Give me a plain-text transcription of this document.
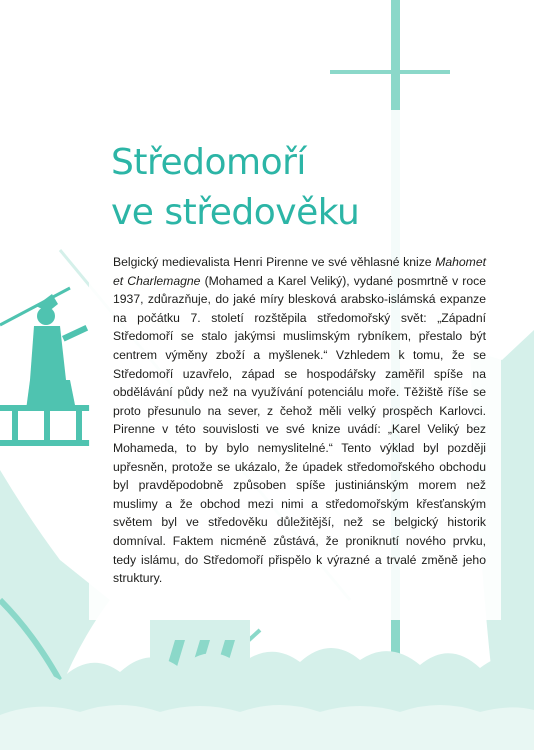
Středomoří
ve středověku

Belgický medievalista Henri Pirenne ve své věhlasné knize Mahomet et Charlemagne (Mohamed a Karel Veliký), vydané posmrtně v roce 1937, zdůrazňuje, do jaké míry blesková arabsko-islámská expanze na počátku 7. století rozštěpila středomořský svět: „Západní Středomoří se stalo jakýmsi muslimským rybníkem, přestalo být centrem výměny zboží a myšlenek.“ Vzhledem k tomu, že se Středomoří uzavřelo, západ se hospodářsky zaměřil spíše na obdělávání půdy než na využívání potenciálu moře. Těžiště říše se proto přesunulo na sever, z čehož měli velký prospěch Karlovci. Pirenne v této souvislosti ve své knize uvádí: „Karel Veliký bez Mohameda, to by bylo nemyslitelné.“ Tento výklad byl později upřesněn, protože se ukázalo, že úpadek středomořského obchodu byl pravděpodobně způsoben spíše justiniánským morem než muslimy a že obchod mezi nimi a středomořským křesťanským světem byl ve středověku důležitější, než se belgický historik domníval. Faktem nicméně zůstává, že proniknutí nového prvku, tedy islámu, do Středomoří přispělo k výrazné a trvalé změně jeho struktury.
